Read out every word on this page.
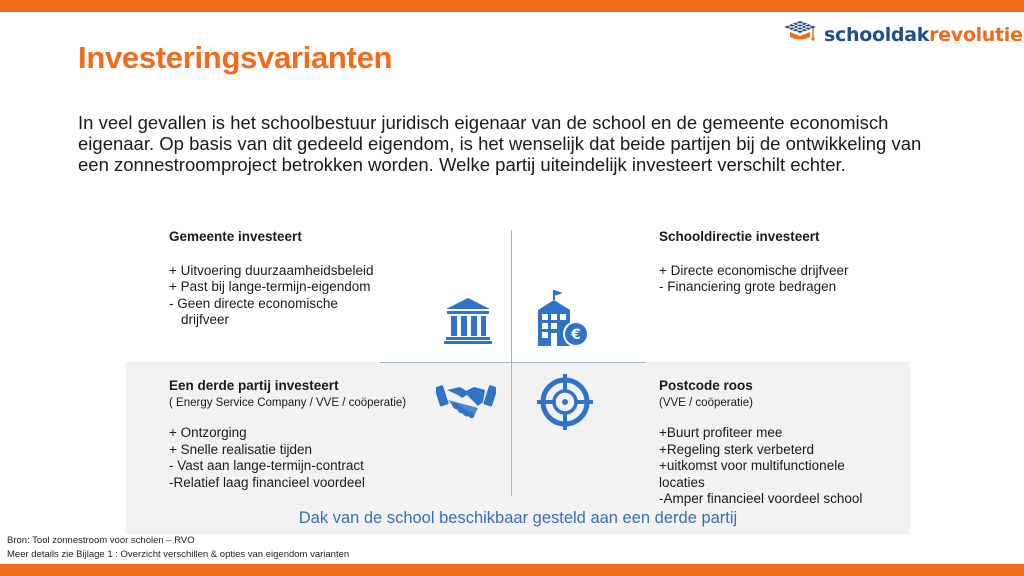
schooldakrevolutie
Investeringsvarianten
In veel gevallen is het schoolbestuur juridisch eigenaar van de school en de gemeente economisch eigenaar. Op basis van dit gedeeld eigendom, is het wenselijk dat beide partijen bij de ontwikkeling van een zonnestroomproject betrokken worden. Welke partij uiteindelijk investeert verschilt echter.
Gemeente investeert
+ Uitvoering duurzaamheidsbeleid
+ Past bij lange-termijn-eigendom
- Geen directe economische
drijfveer
Schooldirectie investeert
+ Directe economische drijfveer
- Financiering grote bedragen
Een derde partij investeert
( Energy Service Company / VVE / coöperatie)
+ Ontzorging
+ Snelle realisatie tijden
- Vast aan lange-termijn-contract
-Relatief laag financieel voordeel
Postcode roos
(VVE / coöperatie)
+Buurt profiteer mee
+Regeling sterk verbeterd
+uitkomst voor multifunctionele
locaties
-Amper financieel voordeel school
€
Dak van de school beschikbaar gesteld aan een derde partij
Bron: Tool zonnestroom voor scholen – RVO
Meer details zie Bijlage 1 : Overzicht verschillen & opties van eigendom varianten
